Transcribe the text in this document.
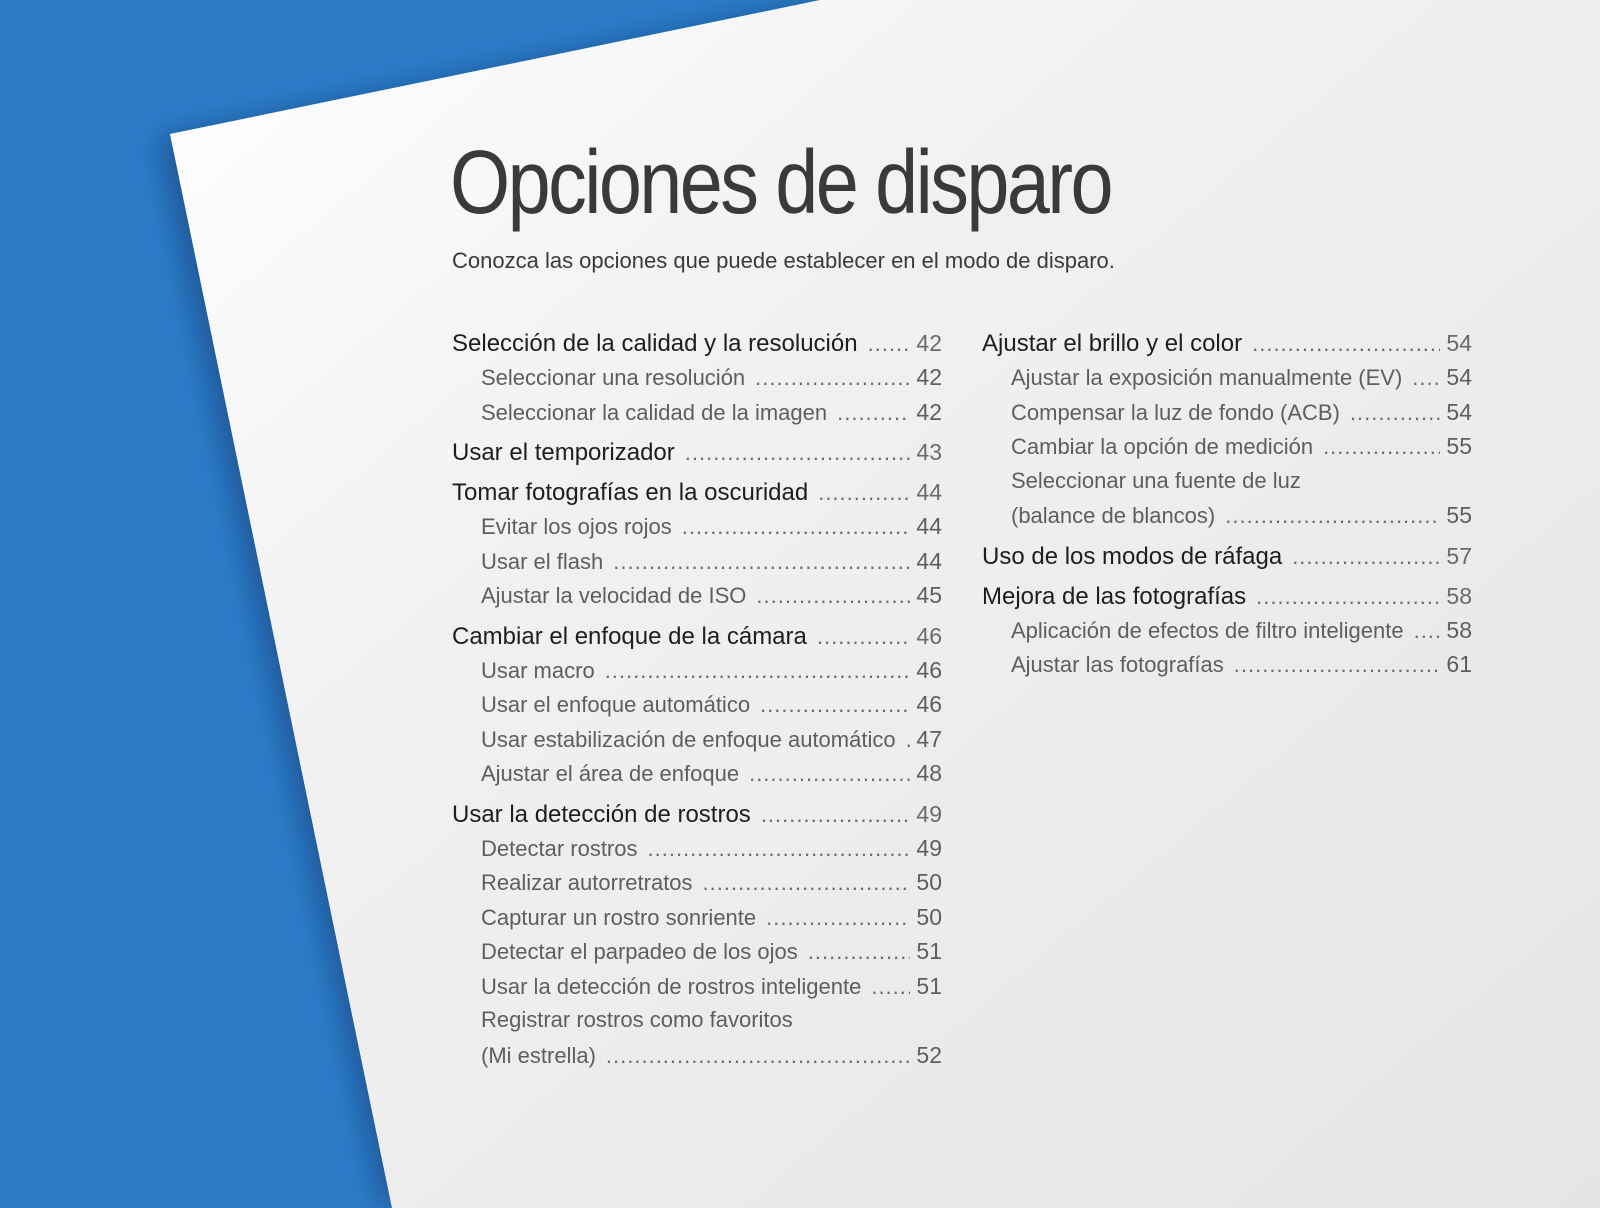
Opciones de disparo
Conozca las opciones que puede establecer en el modo de disparo.
Selección de la calidad y la resolución .....	42
Seleccionar una resolución .....	42
Seleccionar la calidad de la imagen .....	42
Usar el temporizador .....	43
Tomar fotografías en la oscuridad .....	44
Evitar los ojos rojos .....	44
Usar el flash .....	44
Ajustar la velocidad de ISO .....	45
Cambiar el enfoque de la cámara .....	46
Usar macro .....	46
Usar el enfoque automático .....	46
Usar estabilización de enfoque automático ..... 47
Ajustar el área de enfoque .....	48
Usar la detección de rostros .....	49
Detectar rostros .....	49
Realizar autorretratos .....	50
Capturar un rostro sonriente .....	50
Detectar el parpadeo de los ojos .....	51
Usar la detección de rostros inteligente ..... 51
Registrar rostros como favoritos
(Mi estrella) .....	52
Ajustar el brillo y el color .....	54
Ajustar la exposición manualmente (EV) ..... 54
Compensar la luz de fondo (ACB) .....	54
Cambiar la opción de medición .....	55
Seleccionar una fuente de luz
(balance de blancos) .....	55
Uso de los modos de ráfaga .....	57
Mejora de las fotografías .....	58
Aplicación de efectos de filtro inteligente ..... 58
Ajustar las fotografías .....	61
